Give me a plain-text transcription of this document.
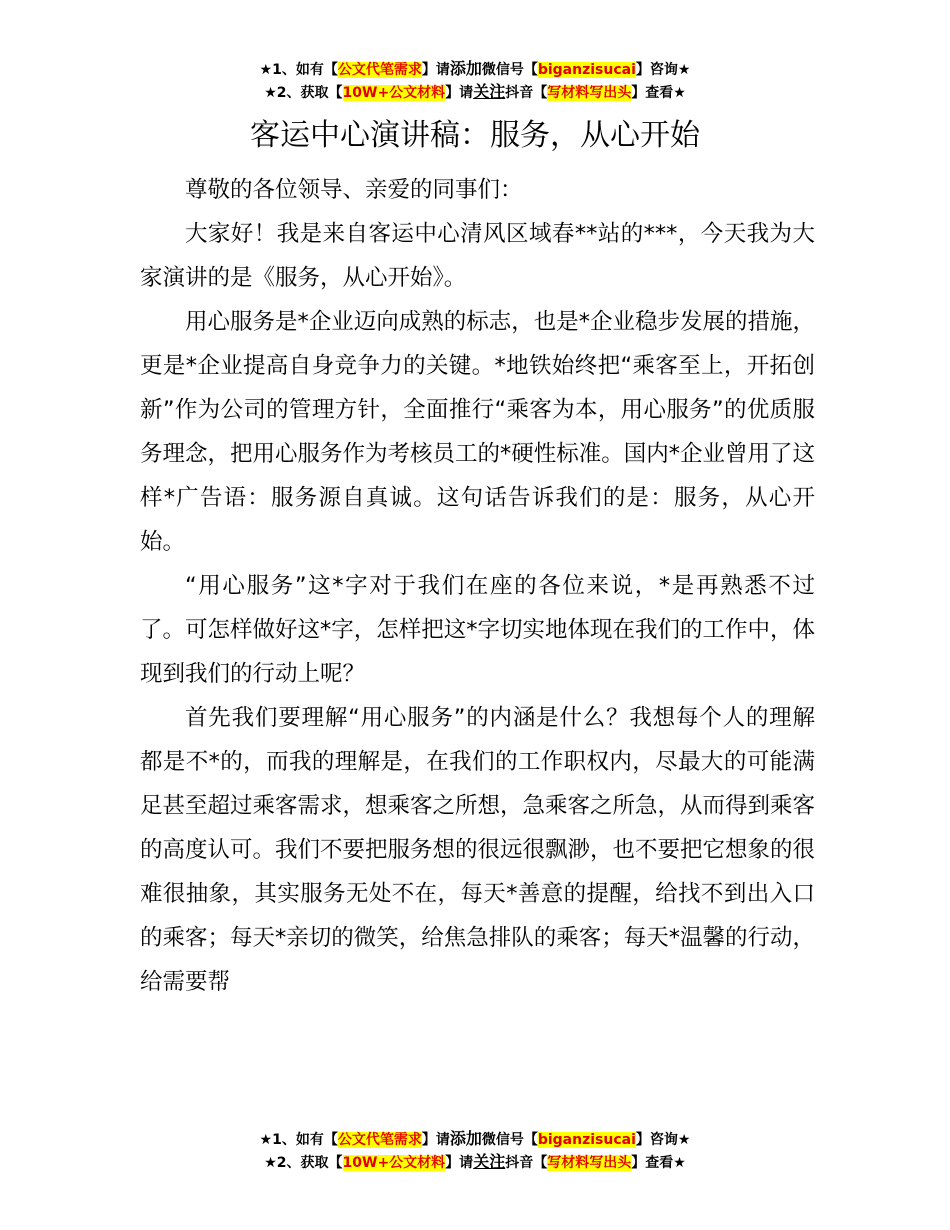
★1、如有【公文代笔需求】请添加微信号【biganzisucai】咨询★
★2、获取【10W+公文材料】请关注抖音【写材料写出头】查看★
客运中心演讲稿：服务，从心开始

尊敬的各位领导、亲爱的同事们：

大家好！我是来自客运中心清风区域春**站的***，今天我为大家演讲的是《服务，从心开始》。

用心服务是*企业迈向成熟的标志，也是*企业稳步发展的措施，更是*企业提高自身竞争力的关键。*地铁始终把“乘客至上，开拓创新”作为公司的管理方针，全面推行“乘客为本，用心服务”的优质服务理念，把用心服务作为考核员工的*硬性标准。国内*企业曾用了这样*广告语：服务源自真诚。这句话告诉我们的是：服务，从心开始。

“用心服务”这*字对于我们在座的各位来说，*是再熟悉不过了。可怎样做好这*字，怎样把这*字切实地体现在我们的工作中，体现到我们的行动上呢？

首先我们要理解“用心服务”的内涵是什么？我想每个人的理解都是不*的，而我的理解是，在我们的工作职权内，尽最大的可能满足甚至超过乘客需求，想乘客之所想，急乘客之所急，从而得到乘客的高度认可。我们不要把服务想的很远很飘渺，也不要把它想象的很难很抽象，其实服务无处不在，每天*善意的提醒，给找不到出入口的乘客；每天*亲切的微笑，给焦急排队的乘客；每天*温馨的行动，给需要帮

★1、如有【公文代笔需求】请添加微信号【biganzisucai】咨询★
★2、获取【10W+公文材料】请关注抖音【写材料写出头】查看★
